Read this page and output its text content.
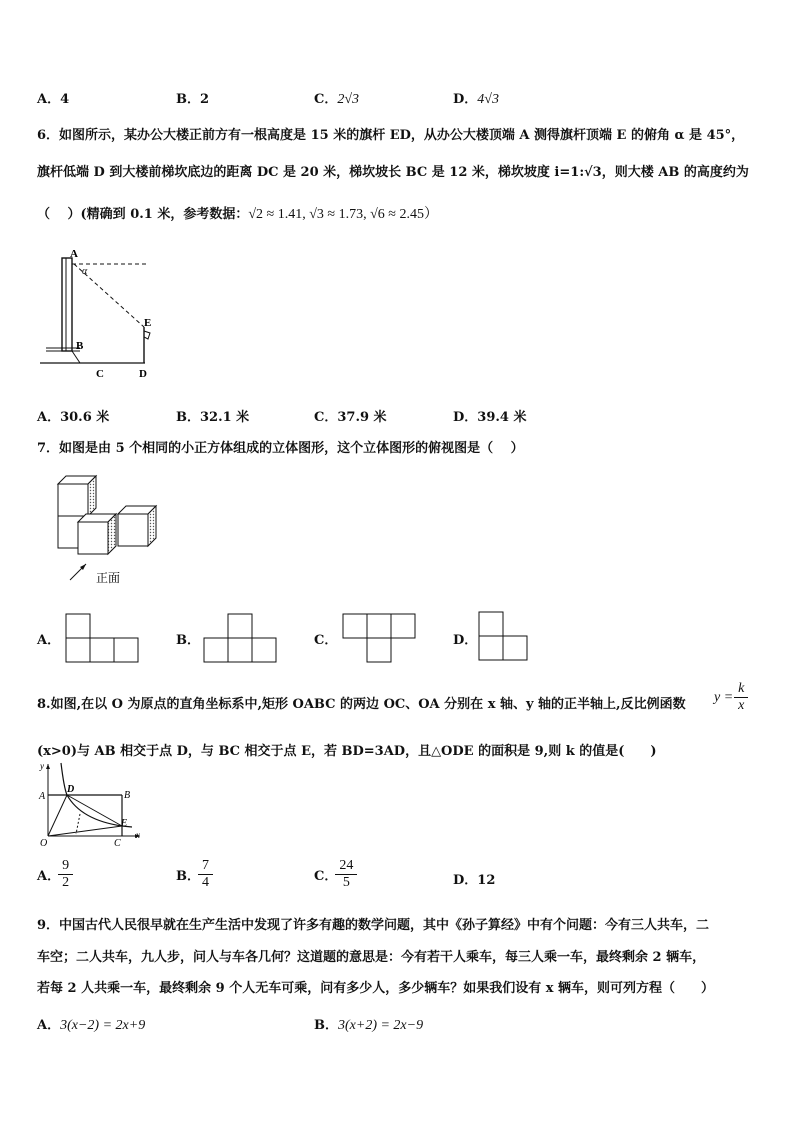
A．4	B．2	C．2√3	D．4√3
6．如图所示，某办公大楼正前方有一根高度是 15 米的旗杆 ED，从办公大楼顶端 A 测得旗杆顶端 E 的俯角 α 是 45°，
旗杆低端 D 到大楼前梯坎底边的距离 DC 是 20 米，梯坎坡长 BC 是 12 米，梯坎坡度 i=1:√3，则大楼 AB 的高度约为
（　 ）(精确到 0.1 米，参考数据：√2 ≈ 1.41, √3 ≈ 1.73, √6 ≈ 2.45）
A
α
E
B
C	D
A．30.6 米	B．32.1 米	C．37.9 米	D．39.4 米
7．如图是由 5 个相同的小正方体组成的立体图形，这个立体图形的俯视图是（　 ）
正面
A．	B．	C．	D．
8.如图,在以 O 为原点的直角坐标系中,矩形 OABC 的两边 OC、OA 分别在 x 轴、y 轴的正半轴上,反比例函数 $y = \frac{k}{x}$
(x>0)与 AB 相交于点 D，与 BC 相交于点 E，若 BD=3AD，且△ODE 的面积是 9,则 k 的值是(　　)
y
A
D
B
O	C
E
x
A． $\frac{9}{2}$	B． $\frac{7}{4}$	C． $\frac{24}{5}$	D．12
9．中国古代人民很早就在生产生活中发现了许多有趣的数学问题，其中《孙子算经》中有个问题：今有三人共车，二
车空；二人共车，九人步，问人与车各几何？这道题的意思是：今有若干人乘车，每三人乘一车，最终剩余 2 辆车，
若每 2 人共乘一车，最终剩余 9 个人无车可乘，问有多少人，多少辆车？如果我们设有 x 辆车，则可列方程（　　）
A．3(x−2) = 2x+9	B．3(x+2) = 2x−9
